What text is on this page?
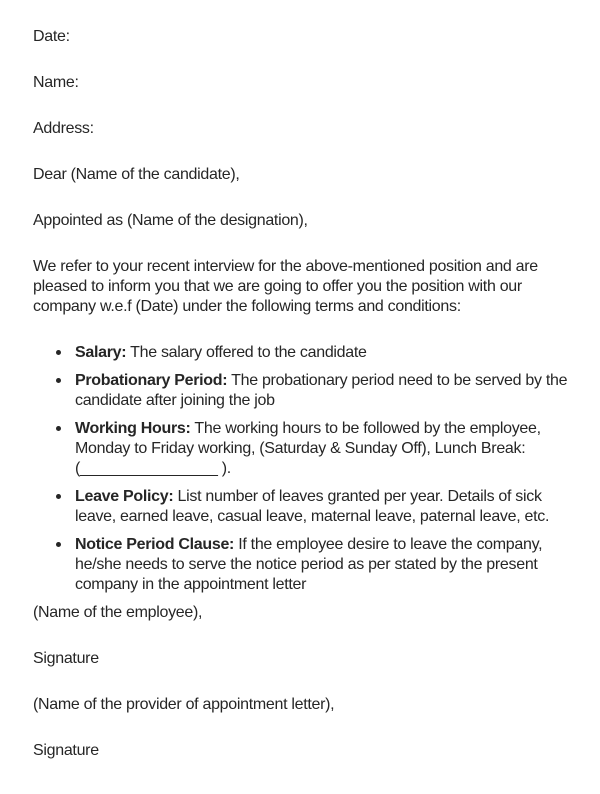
Date:

Name:

Address:

Dear (Name of the candidate),

Appointed as (Name of the designation),

We refer to your recent interview for the above-mentioned position and are pleased to inform you that we are going to offer you the position with our company w.e.f (Date) under the following terms and conditions:

Salary: The salary offered to the candidate
Probationary Period: The probationary period need to be served by the candidate after joining the job
Working Hours: The working hours to be followed by the employee, Monday to Friday working, (Saturday & Sunday Off), Lunch Break: (________________ ).
Leave Policy: List number of leaves granted per year. Details of sick leave, earned leave, casual leave, maternal leave, paternal leave, etc.
Notice Period Clause: If the employee desire to leave the company, he/she needs to serve the notice period as per stated by the present company in the appointment letter

(Name of the employee),

Signature

(Name of the provider of appointment letter),

Signature
